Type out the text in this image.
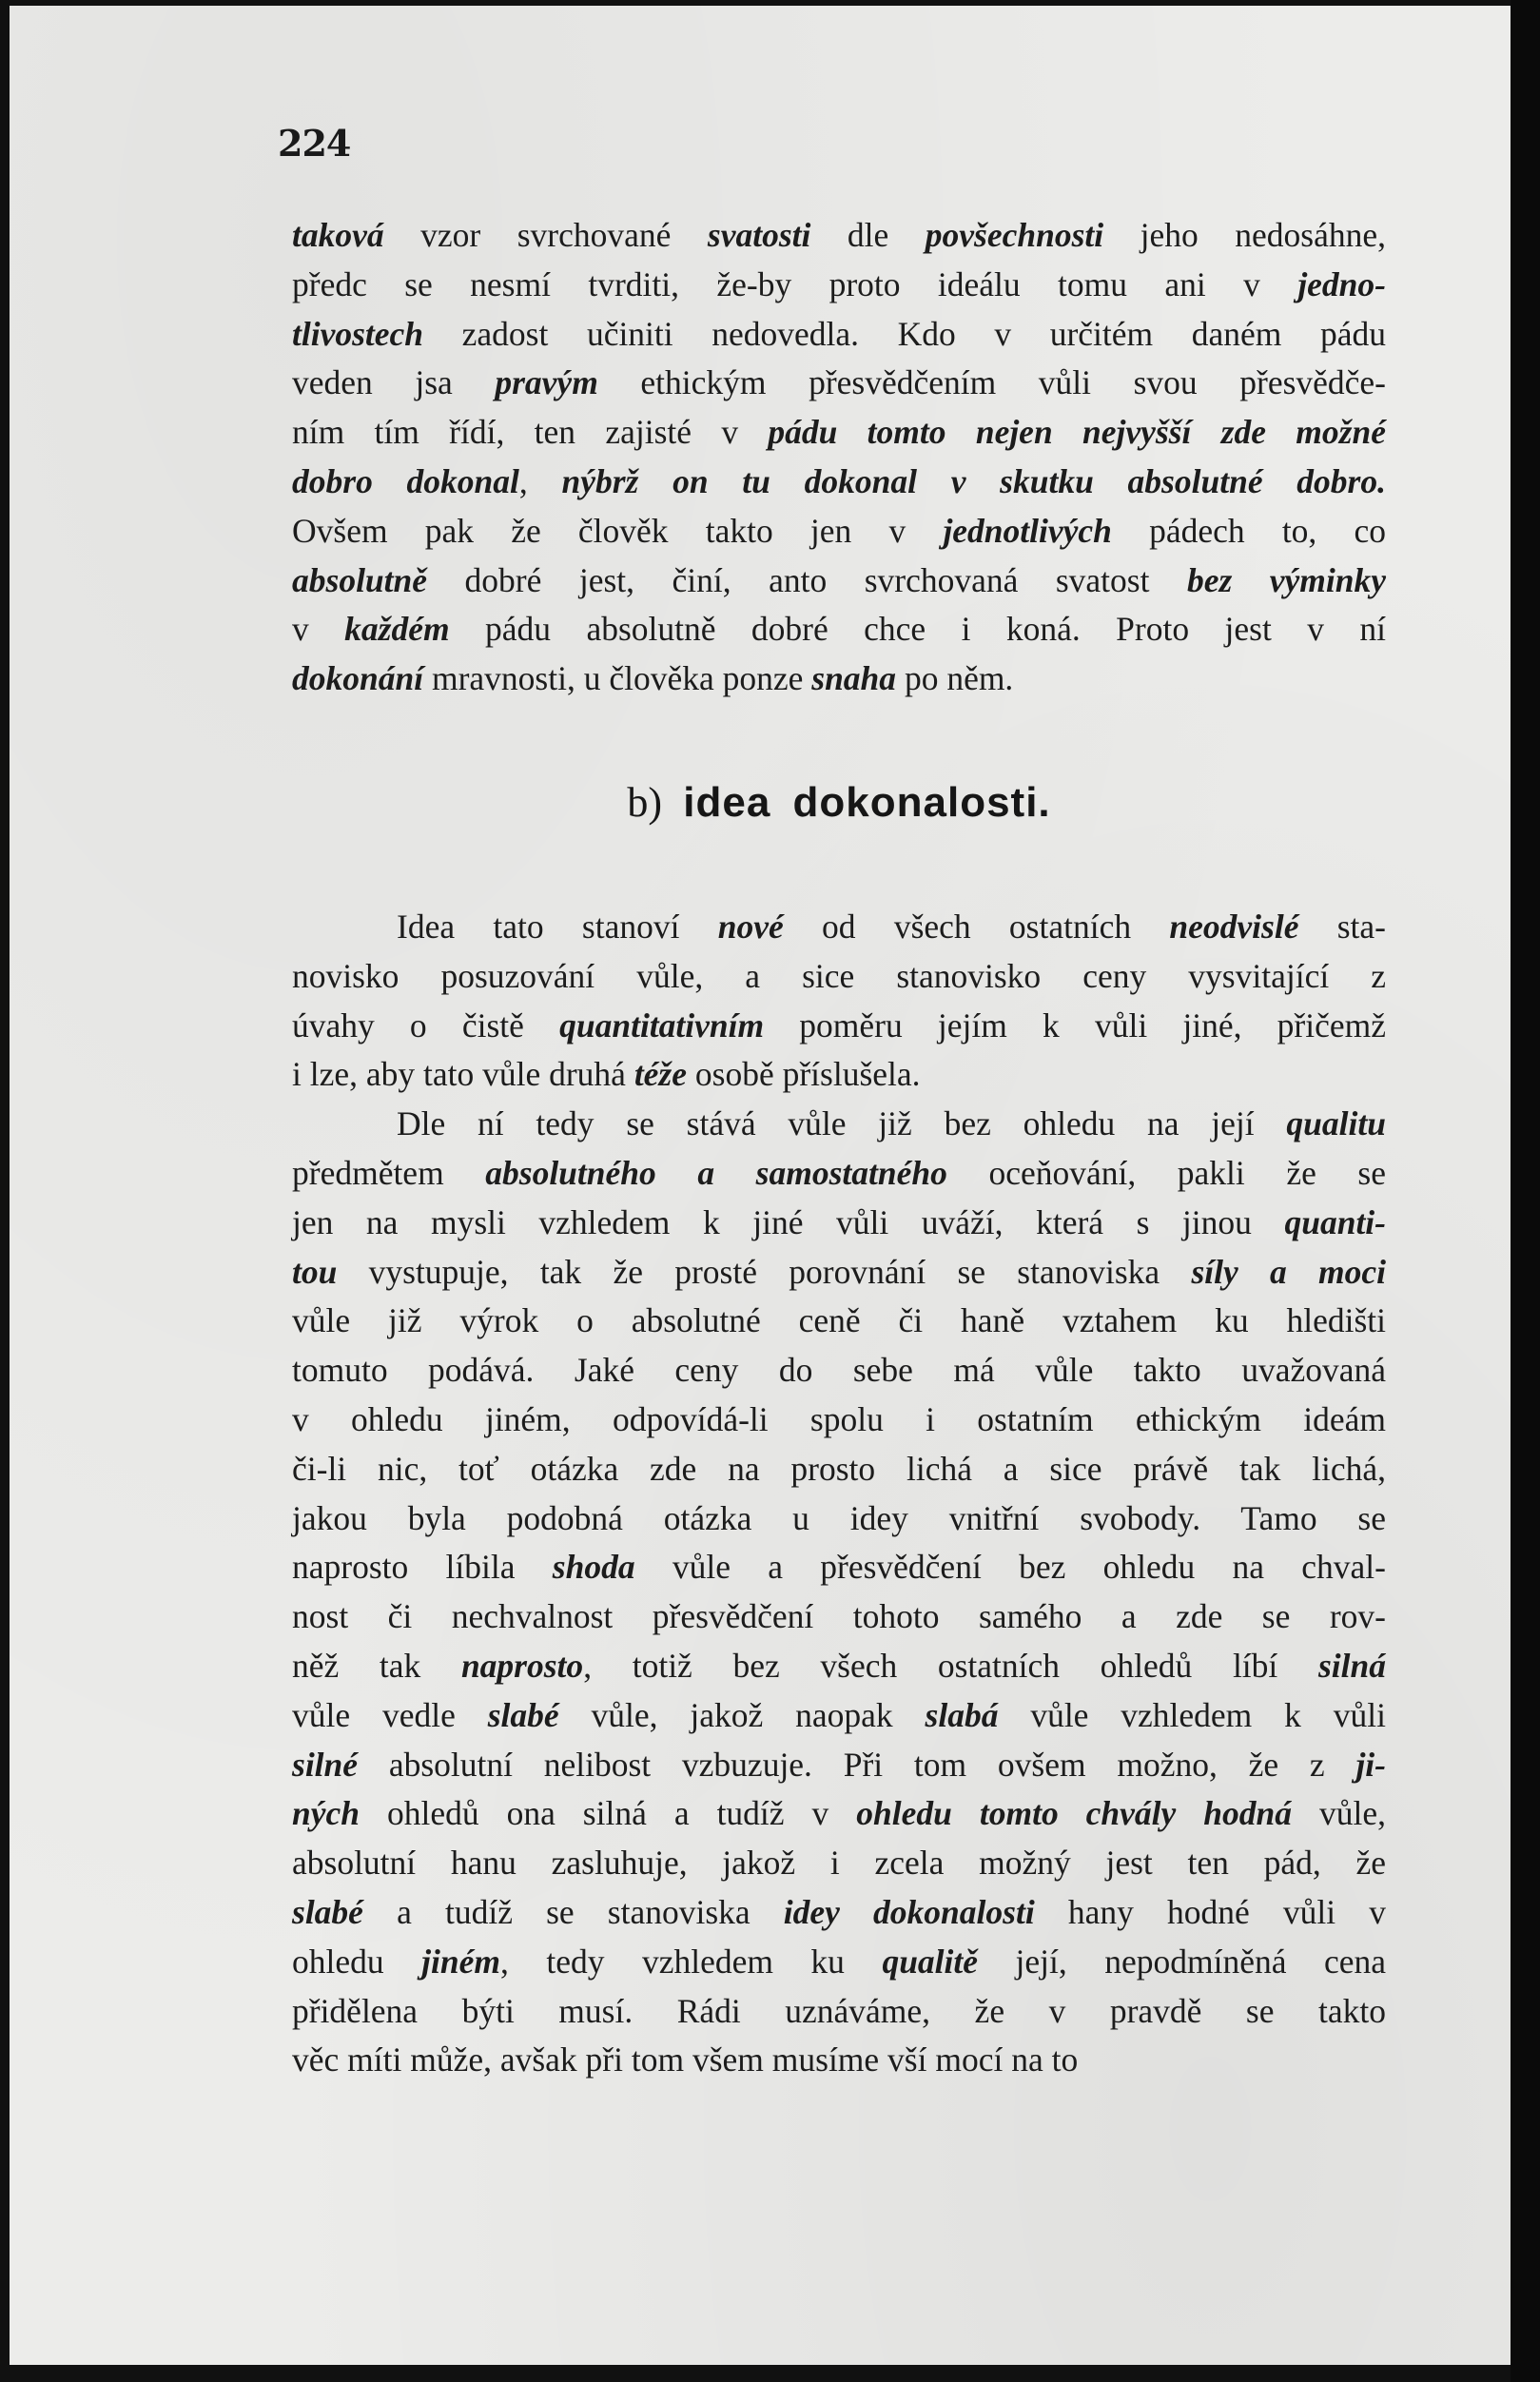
224
taková vzor svrchované svatosti dle povšechnosti jeho nedosáhne,
předc se nesmí tvrditi, že-by proto ideálu tomu ani v jedno-
tlivostech zadost učiniti nedovedla. Kdo v určitém daném pádu
veden jsa pravým ethickým přesvědčením vůli svou přesvědče-
ním tím řídí, ten zajisté v pádu tomto nejen nejvyšší zde možné
dobro dokonal, nýbrž on tu dokonal v skutku absolutné dobro.
Ovšem pak že člověk takto jen v jednotlivých pádech to, co
absolutně dobré jest, činí, anto svrchovaná svatost bez výminky
v každém pádu absolutně dobré chce i koná. Proto jest v ní
dokonání mravnosti, u člověka ponze snaha po něm.
b) idea dokonalosti.
Idea tato stanoví nové od všech ostatních neodvislé sta-
novisko posuzování vůle, a sice stanovisko ceny vysvitající z
úvahy o čistě quantitativním poměru jejím k vůli jiné, přičemž
i lze, aby tato vůle druhá téže osobě příslušela.
Dle ní tedy se stává vůle již bez ohledu na její qualitu
předmětem absolutného a samostatného oceňování, pakli že se
jen na mysli vzhledem k jiné vůli uváží, která s jinou quanti-
tou vystupuje, tak že prosté porovnání se stanoviska síly a moci
vůle již výrok o absolutné ceně či haně vztahem ku hledišti
tomuto podává. Jaké ceny do sebe má vůle takto uvažovaná
v ohledu jiném, odpovídá-li spolu i ostatním ethickým ideám
či-li nic, toť otázka zde na prosto lichá a sice právě tak lichá,
jakou byla podobná otázka u idey vnitřní svobody. Tamo se
naprosto líbila shoda vůle a přesvědčení bez ohledu na chval-
nost či nechvalnost přesvědčení tohoto samého a zde se rov-
něž tak naprosto, totiž bez všech ostatních ohledů líbí silná
vůle vedle slabé vůle, jakož naopak slabá vůle vzhledem k vůli
silné absolutní nelibost vzbuzuje. Při tom ovšem možno, že z ji-
ných ohledů ona silná a tudíž v ohledu tomto chvály hodná vůle,
absolutní hanu zasluhuje, jakož i zcela možný jest ten pád, že
slabé a tudíž se stanoviska idey dokonalosti hany hodné vůli v
ohledu jiném, tedy vzhledem ku qualitě její, nepodmíněná cena
přidělena býti musí. Rádi uznáváme, že v pravdě se takto
věc míti může, avšak při tom všem musíme vší mocí na to
